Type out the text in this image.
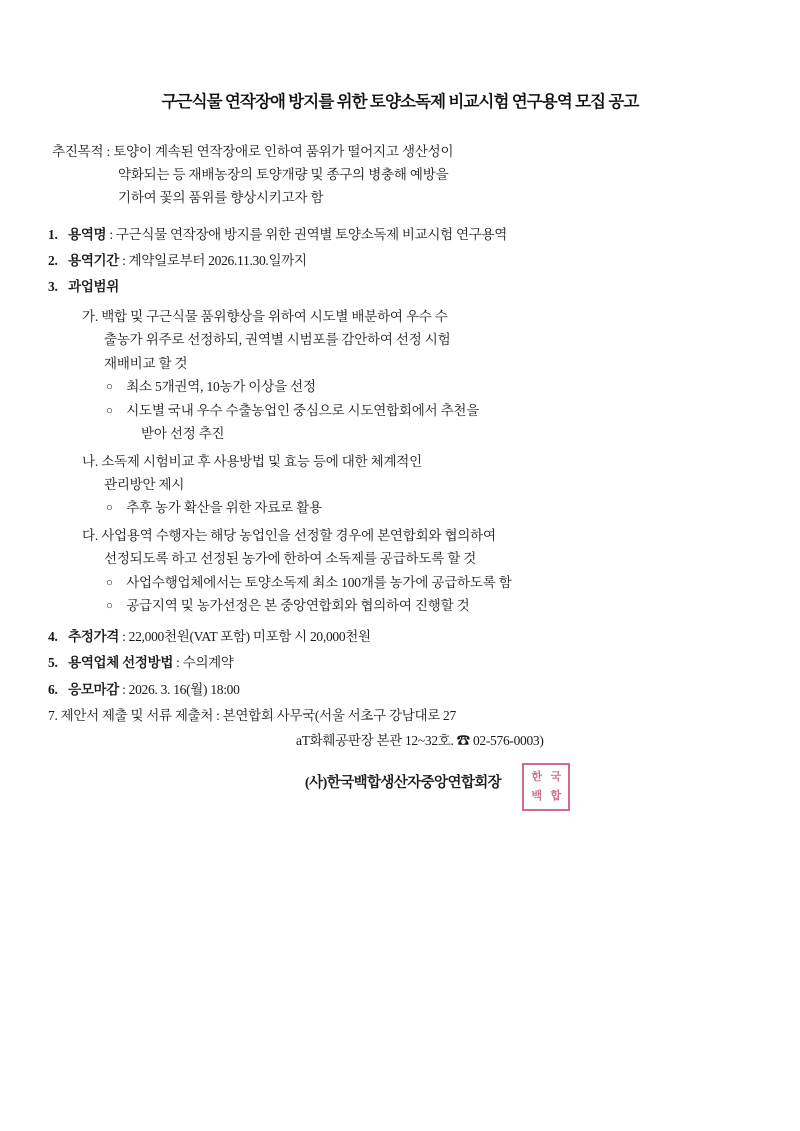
구근식물 연작장애 방지를 위한 토양소독제 비교시험 연구용역 모집 공고
추진목적 : 토양이 계속된 연작장애로 인하여 품위가 떨어지고 생산성이
약화되는 등 재배농장의 토양개량 및 종구의 병충해 예방을
기하여 꽃의 품위를 향상시키고자 함
1. 용역명 : 구근식물 연작장애 방지를 위한 권역별 토양소독제 비교시험 연구용역
2. 용역기간 : 계약일로부터 2026.11.30.일까지
3. 과업범위
가. 백합 및 구근식물 품위향상을 위하여 시도별 배분하여 우수 수
출농가 위주로 선정하되, 권역별 시범포를 감안하여 선정 시험
재배비교 할 것
○ 최소 5개권역, 10농가 이상을 선정
○ 시도별 국내 우수 수출농업인 중심으로 시도연합회에서 추천을
받아 선정 추진
나. 소독제 시험비교 후 사용방법 및 효능 등에 대한 체계적인
관리방안 제시
○ 추후 농가 확산을 위한 자료로 활용
다. 사업용역 수행자는 해당 농업인을 선정할 경우에 본연합회와 협의하여
선정되도록 하고 선정된 농가에 한하여 소독제를 공급하도록 할 것
○ 사업수행업체에서는 토양소독제 최소 100개를 농가에 공급하도록 함
○ 공급지역 및 농가선정은 본 중앙연합회와 협의하여 진행할 것
4. 추정가격 : 22,000천원(VAT 포함) 미포함 시 20,000천원
5. 용역업체 선정방법 : 수의계약
6. 응모마감 : 2026. 3. 16(월) 18:00
7. 제안서 제출 및 서류 제출처 : 본연합회 사무국(서울 서초구 강남대로 27
aT화훼공판장 본관 12~32호. ☎ 02-576-0003)
(사)한국백합생산자중앙연합회장	한 국
백 합
